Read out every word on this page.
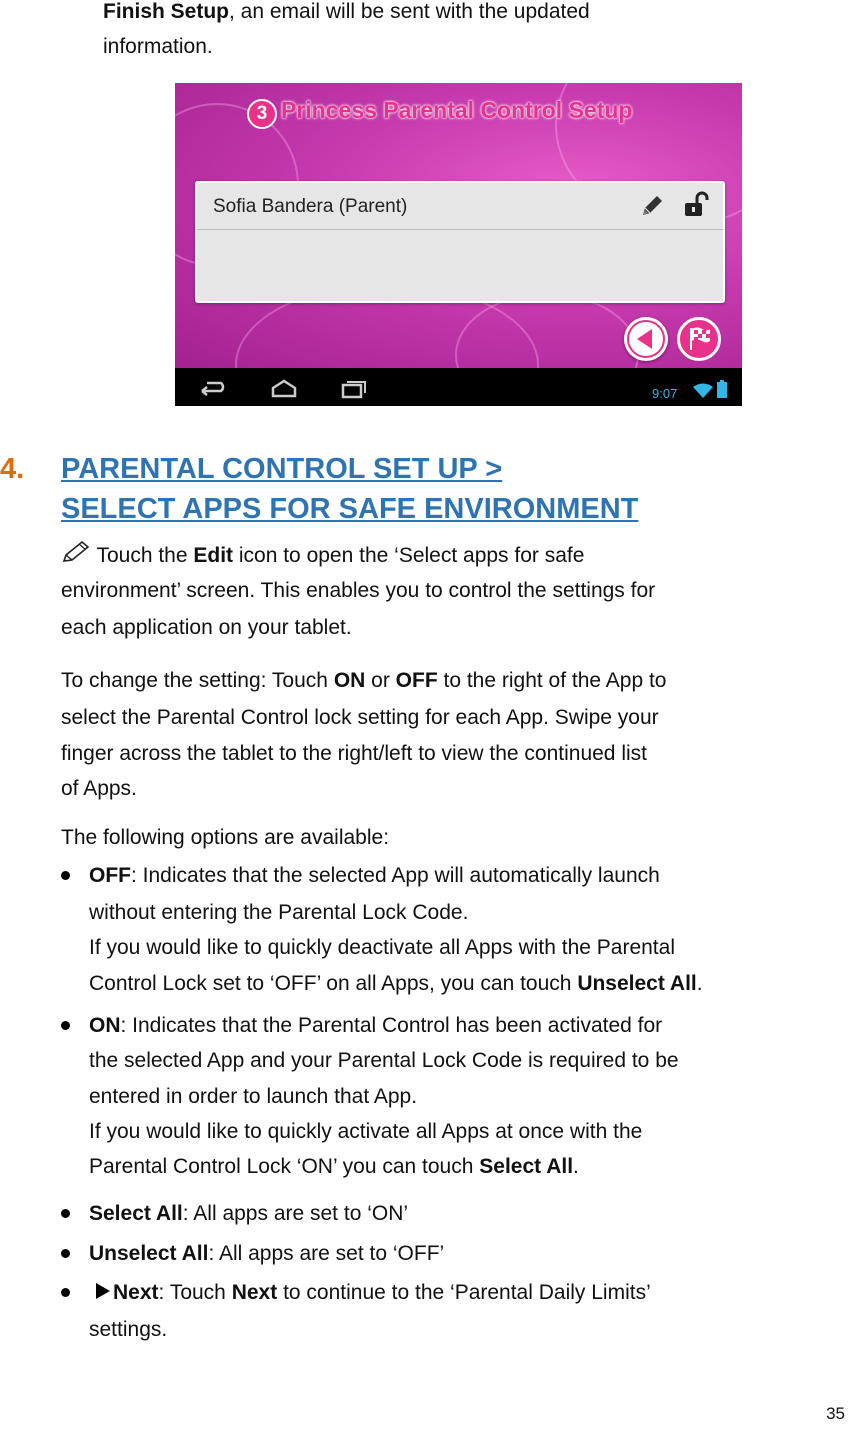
Finish Setup, an email will be sent with the updated

information.

3 Princess Parental Control Setup
Sofia Bandera (Parent)
9:07
4. PARENTAL CONTROL SET UP >
SELECT APPS FOR SAFE ENVIRONMENT

Touch the Edit icon to open the ‘Select apps for safe

environment’ screen. This enables you to control the settings for

each application on your tablet.

To change the setting: Touch ON or OFF to the right of the App to

select the Parental Control lock setting for each App. Swipe your

finger across the tablet to the right/left to view the continued list

of Apps.

The following options are available:

OFF: Indicates that the selected App will automatically launch

without entering the Parental Lock Code.

If you would like to quickly deactivate all Apps with the Parental

Control Lock set to ‘OFF’ on all Apps, you can touch Unselect All.

ON: Indicates that the Parental Control has been activated for

the selected App and your Parental Lock Code is required to be

entered in order to launch that App.

If you would like to quickly activate all Apps at once with the

Parental Control Lock ‘ON’ you can touch Select All.

Select All: All apps are set to ‘ON’

Unselect All: All apps are set to ‘OFF’

Next: Touch Next to continue to the ‘Parental Daily Limits’

settings.

35
